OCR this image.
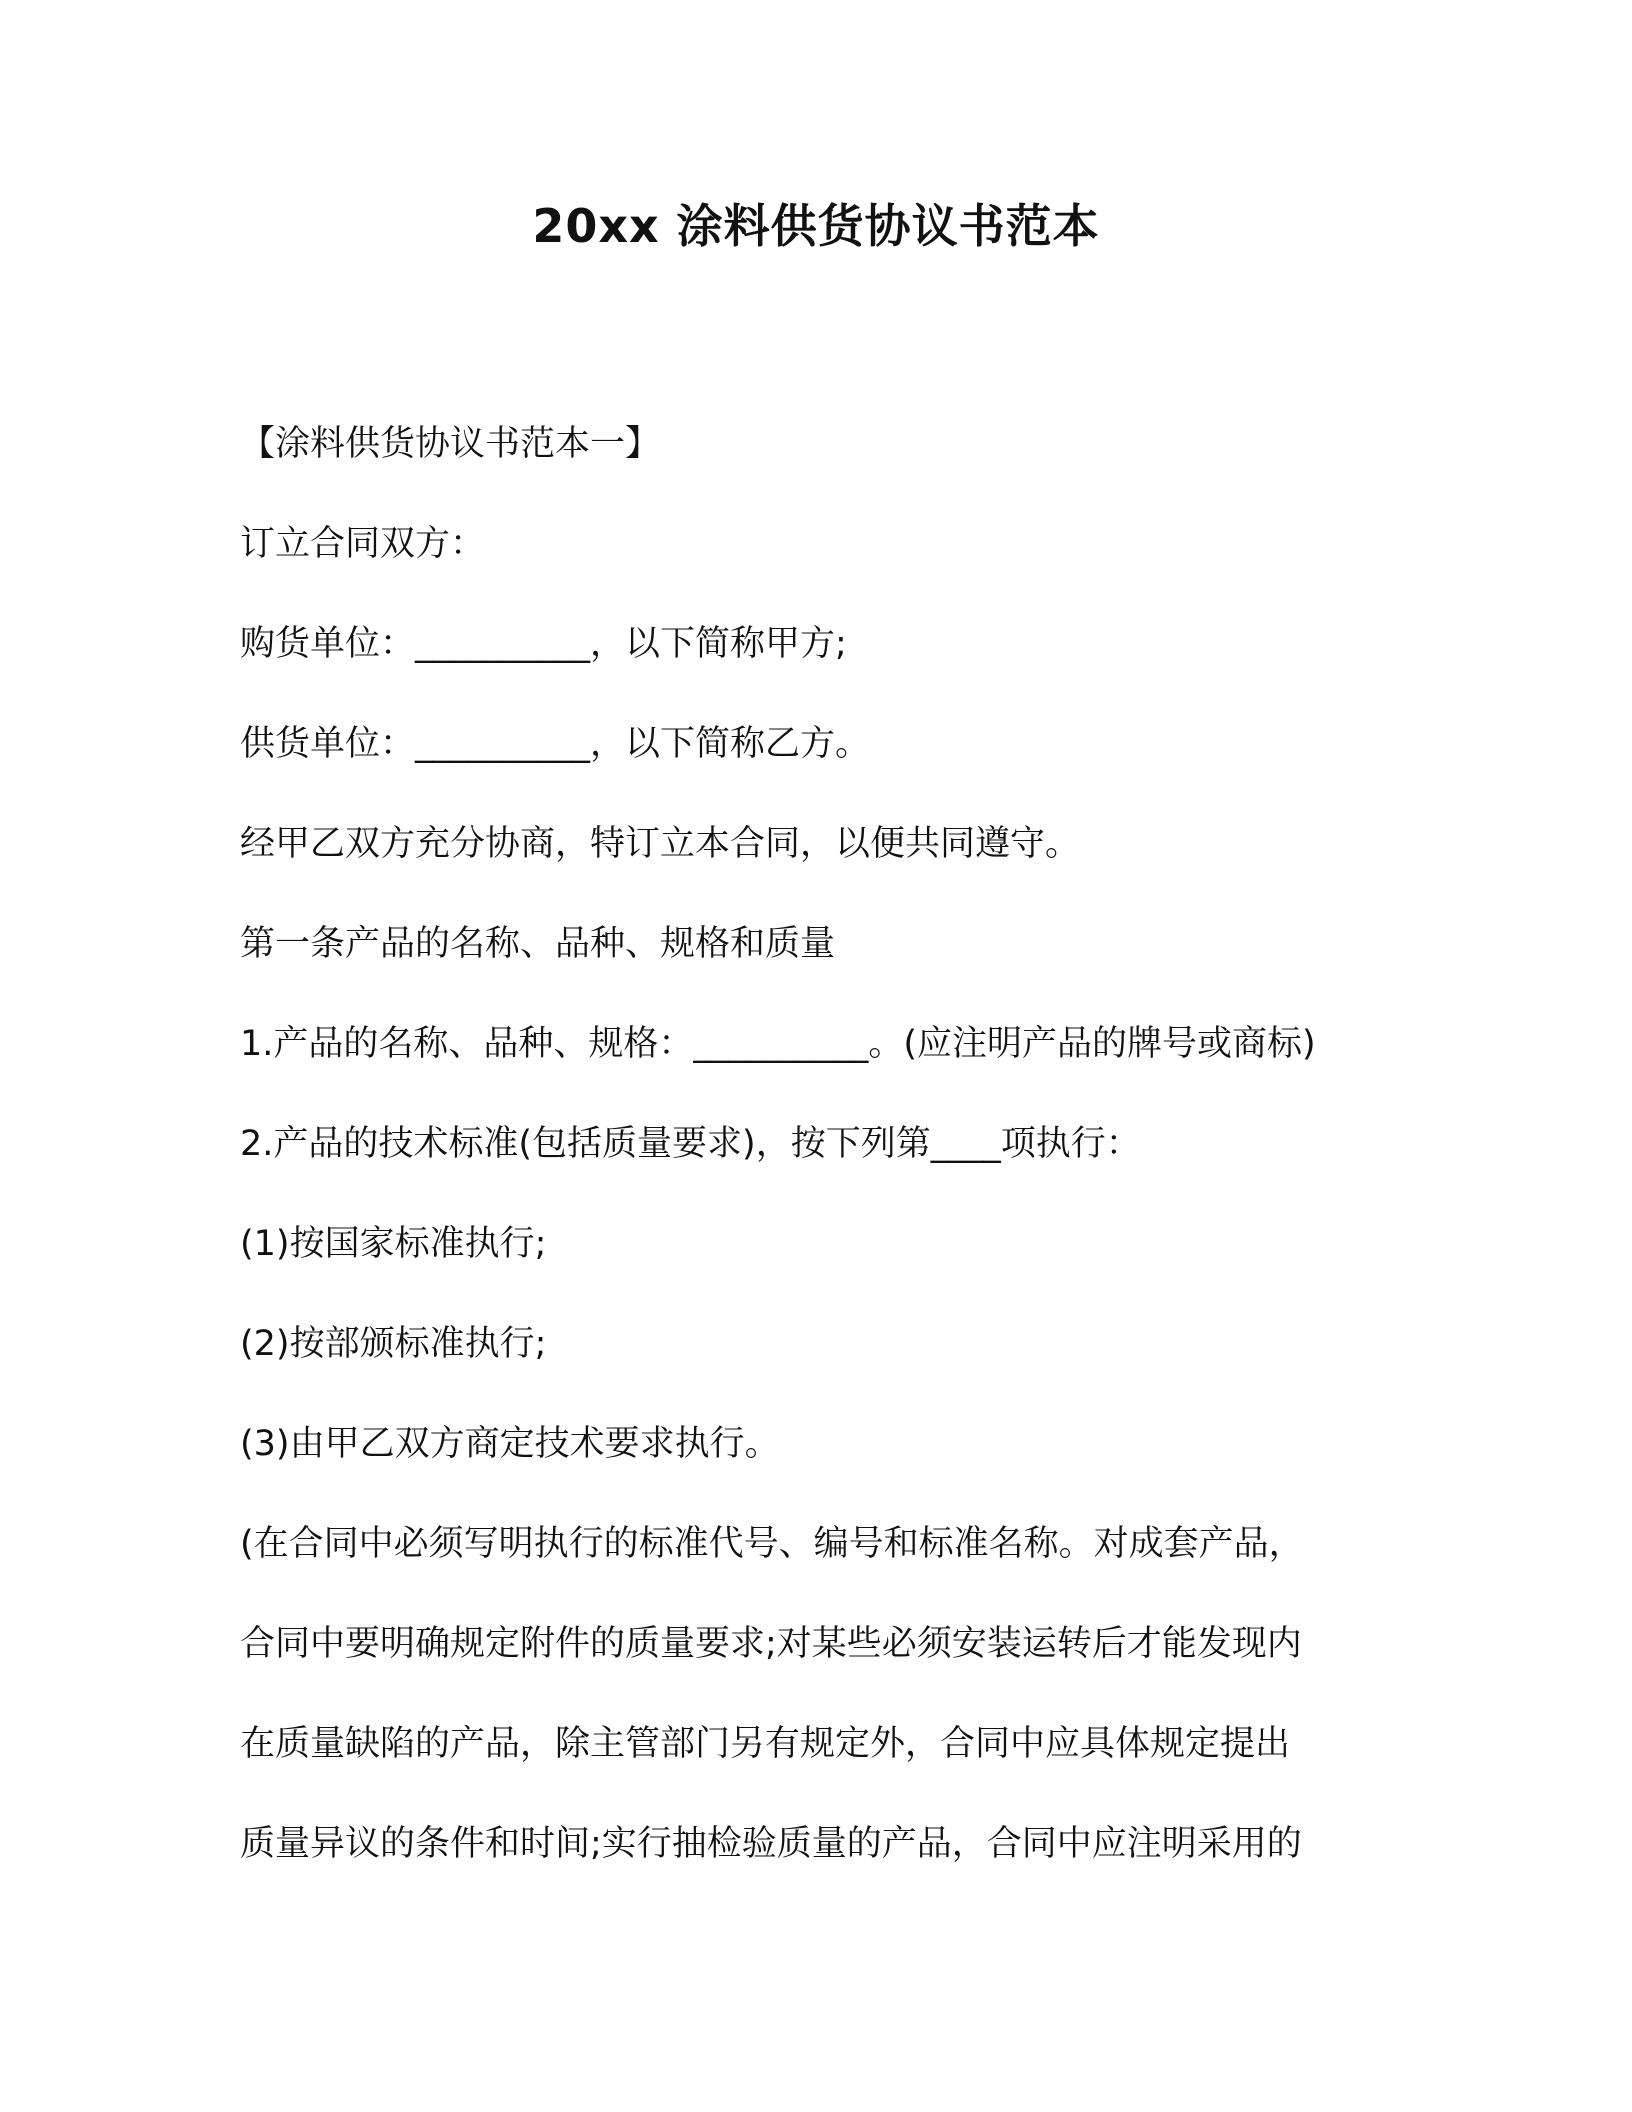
20xx 涂料供货协议书范本
【涂料供货协议书范本一】
订立合同双方：
购货单位：__________，以下简称甲方;
供货单位：__________，以下简称乙方。
经甲乙双方充分协商，特订立本合同，以便共同遵守。
第一条产品的名称、品种、规格和质量
1.产品的名称、品种、规格：__________。(应注明产品的牌号或商标)
2.产品的技术标准(包括质量要求)，按下列第____项执行：
(1)按国家标准执行;
(2)按部颁标准执行;
(3)由甲乙双方商定技术要求执行。
(在合同中必须写明执行的标准代号、编号和标准名称。对成套产品，
合同中要明确规定附件的质量要求;对某些必须安装运转后才能发现内
在质量缺陷的产品，除主管部门另有规定外，合同中应具体规定提出
质量异议的条件和时间;实行抽检验质量的产品，合同中应注明采用的
